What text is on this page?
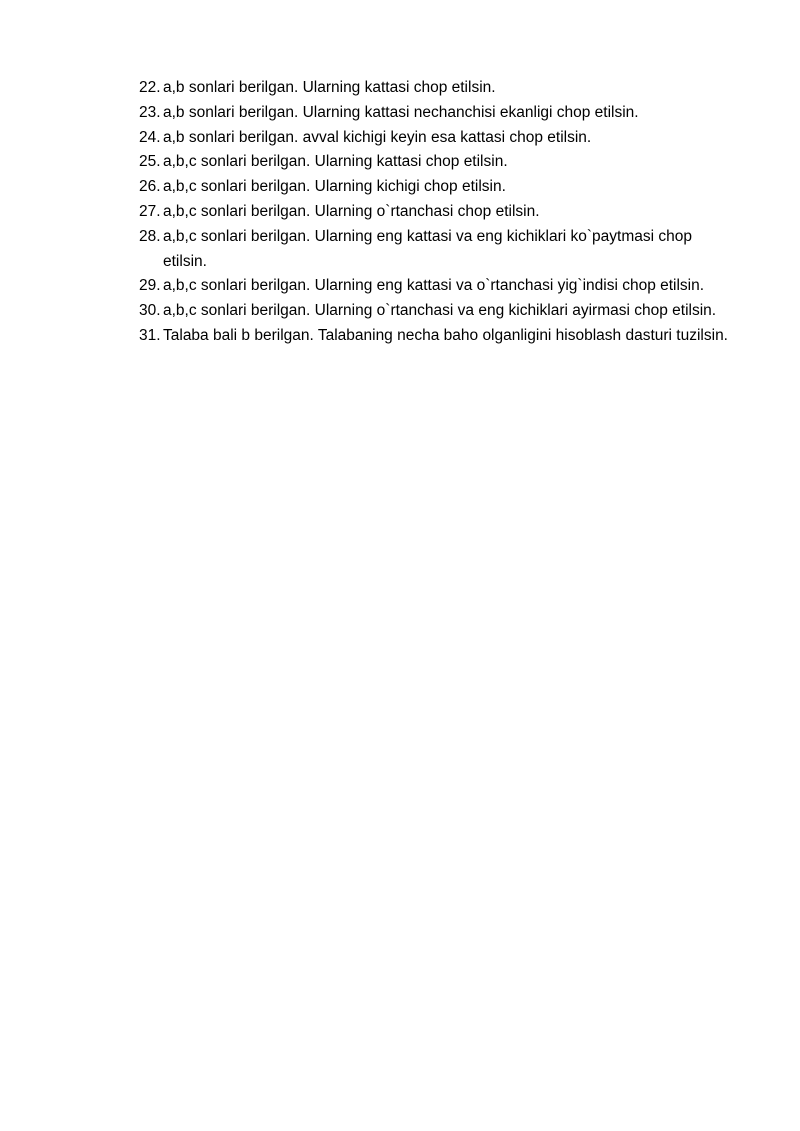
22. a,b sonlari berilgan. Ularning kattasi chop etilsin.
23. a,b sonlari berilgan. Ularning kattasi nechanchisi ekanligi chop etilsin.
24. a,b sonlari berilgan. avval kichigi keyin esa kattasi chop etilsin.
25. a,b,c sonlari berilgan. Ularning kattasi chop etilsin.
26. a,b,c sonlari berilgan. Ularning kichigi chop etilsin.
27. a,b,c sonlari berilgan. Ularning o`rtanchasi chop etilsin.
28. a,b,c sonlari berilgan. Ularning eng kattasi va eng kichiklari ko`paytmasi chop etilsin.
29. a,b,c sonlari berilgan. Ularning eng kattasi va o`rtanchasi yig`indisi chop etilsin.
30. a,b,c sonlari berilgan. Ularning o`rtanchasi va eng kichiklari ayirmasi chop etilsin.
31. Talaba bali b berilgan. Talabaning necha baho olganligini hisoblash dasturi tuzilsin.
